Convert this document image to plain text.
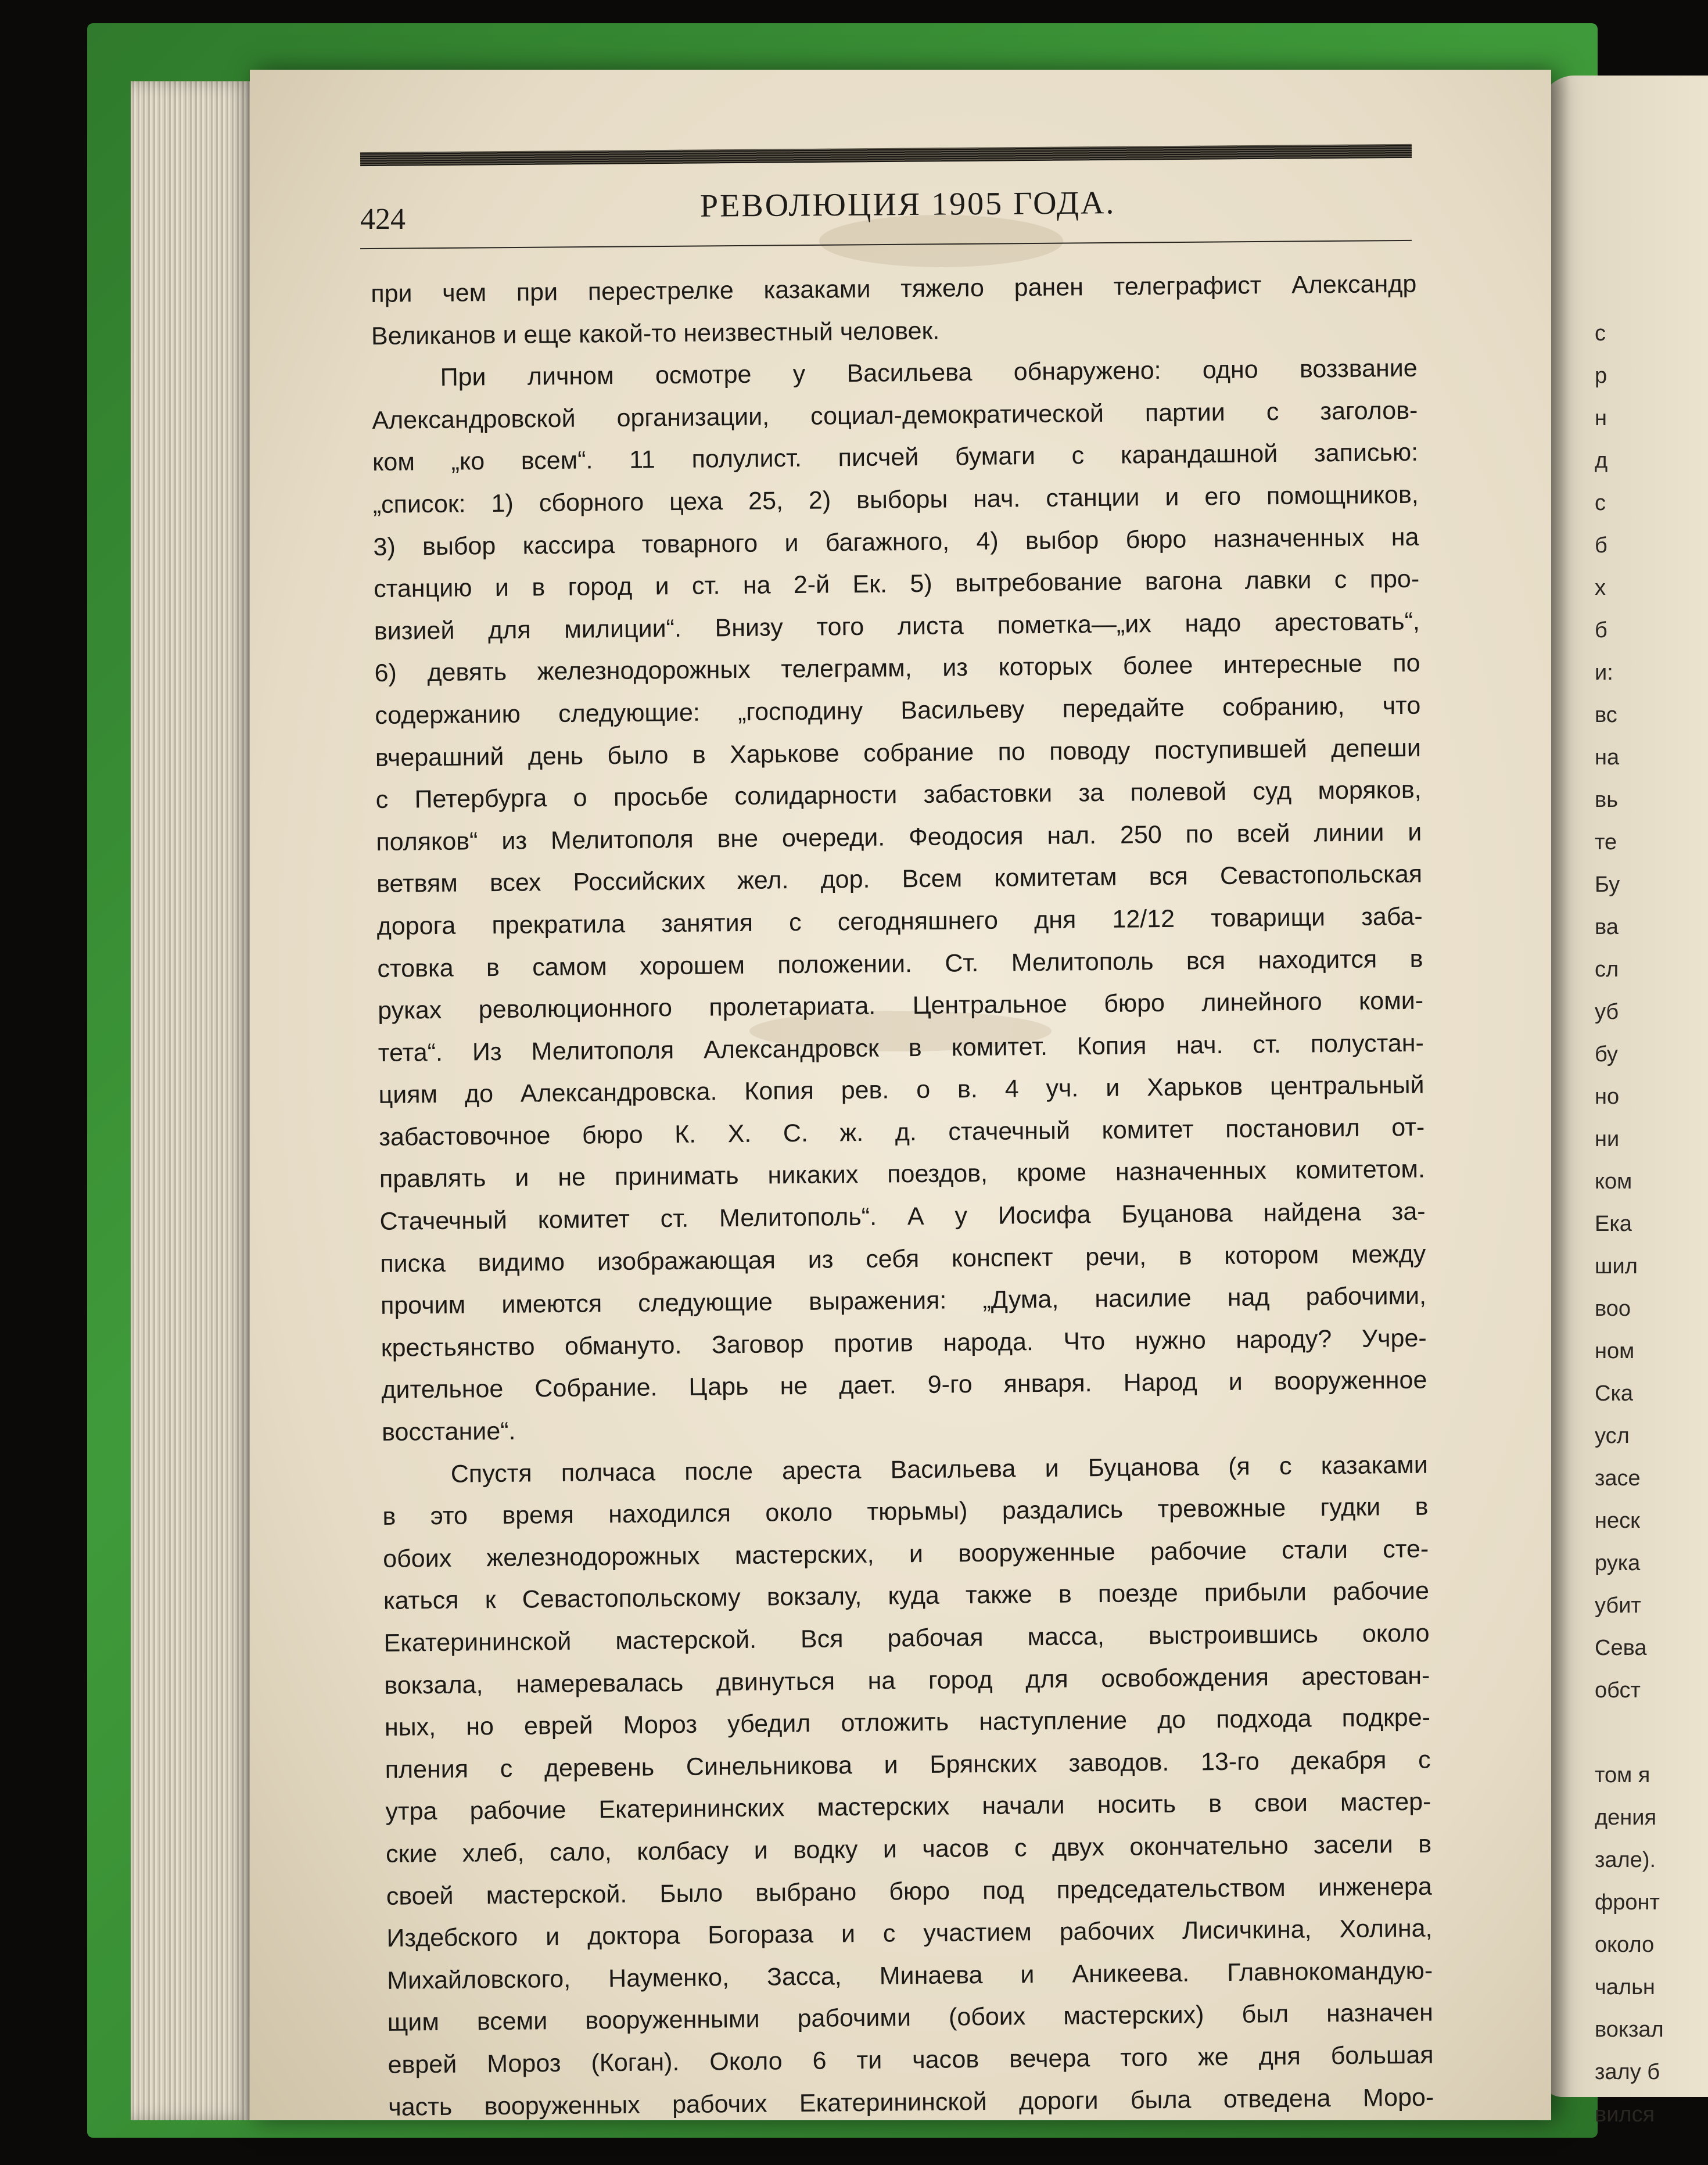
с
р
н
д
с
б
х
б
и:
вс
на
вь
те
Бу
ва
сл
уб
бу
но
ни
ком
Ека
шил
воо
ном
Ска
усл
засе
неск
рука
убит
Сева
обст
том я
дения
зале).
фронт
около
чальн
вокзал
залу б
вился
424	РЕВОЛЮЦИЯ 1905 ГОДА.
при чем при перестрелке казаками тяжело ранен телеграфист Александр
Великанов и еще какой-то неизвестный человек.
При личном осмотре у Васильева обнаружено: одно воззвание
Александровской организации, социал-демократической партии с заголов-
ком „ко всем“. 11 полулист. писчей бумаги с карандашной записью:
„список: 1) сборного цеха 25, 2) выборы нач. станции и его помощников,
3) выбор кассира товарного и багажного, 4) выбор бюро назначенных на
станцию и в город и ст. на 2-й Ек. 5) вытребование вагона лавки с про-
визией для милиции“. Внизу того листа пометка—„их надо арестовать“,
6) девять железнодорожных телеграмм, из которых более интересные по
содержанию следующие: „господину Васильеву передайте собранию, что
вчерашний день было в Харькове собрание по поводу поступившей депеши
с Петербурга о просьбе солидарности забастовки за полевой суд моряков,
поляков“ из Мелитополя вне очереди. Феодосия нал. 250 по всей линии и
ветвям всех Российских жел. дор. Всем комитетам вся Севастопольская
дорога прекратила занятия с сегодняшнего дня 12/12 товарищи заба-
стовка в самом хорошем положении. Ст. Мелитополь вся находится в
руках революционного пролетариата. Центральное бюро линейного коми-
тета“. Из Мелитополя Александровск в комитет. Копия нач. ст. полустан-
циям до Александровска. Копия рев. о в. 4 уч. и Харьков центральный
забастовочное бюро К. Х. С. ж. д. стачечный комитет постановил от-
правлять и не принимать никаких поездов, кроме назначенных комитетом.
Стачечный комитет ст. Мелитополь“. А у Иосифа Буцанова найдена за-
писка видимо изображающая из себя конспект речи, в котором между
прочим имеются следующие выражения: „Дума, насилие над рабочими,
крестьянство обмануто. Заговор против народа. Что нужно народу? Учре-
дительное Собрание. Царь не дает. 9-го января. Народ и вооруженное
восстание“.
Спустя полчаса после ареста Васильева и Буцанова (я с казаками
в это время находился около тюрьмы) раздались тревожные гудки в
обоих железнодорожных мастерских, и вооруженные рабочие стали сте-
каться к Севастопольскому вокзалу, куда также в поезде прибыли рабочие
Екатерининской мастерской. Вся рабочая масса, выстроившись около
вокзала, намеревалась двинуться на город для освобождения арестован-
ных, но еврей Мороз убедил отложить наступление до подхода подкре-
пления с деревень Синельникова и Брянских заводов. 13-го декабря с
утра рабочие Екатерининских мастерских начали носить в свои мастер-
ские хлеб, сало, колбасу и водку и часов с двух окончательно засели в
своей мастерской. Было выбрано бюро под председательством инженера
Издебского и доктора Богораза и с участием рабочих Лисичкина, Холина,
Михайловского, Науменко, Засса, Минаева и Аникеева. Главнокомандую-
щим всеми вооруженными рабочими (обоих мастерских) был назначен
еврей Мороз (Коган). Около 6 ти часов вечера того же дня большая
часть вооруженных рабочих Екатерининской дороги была отведена Моро-
